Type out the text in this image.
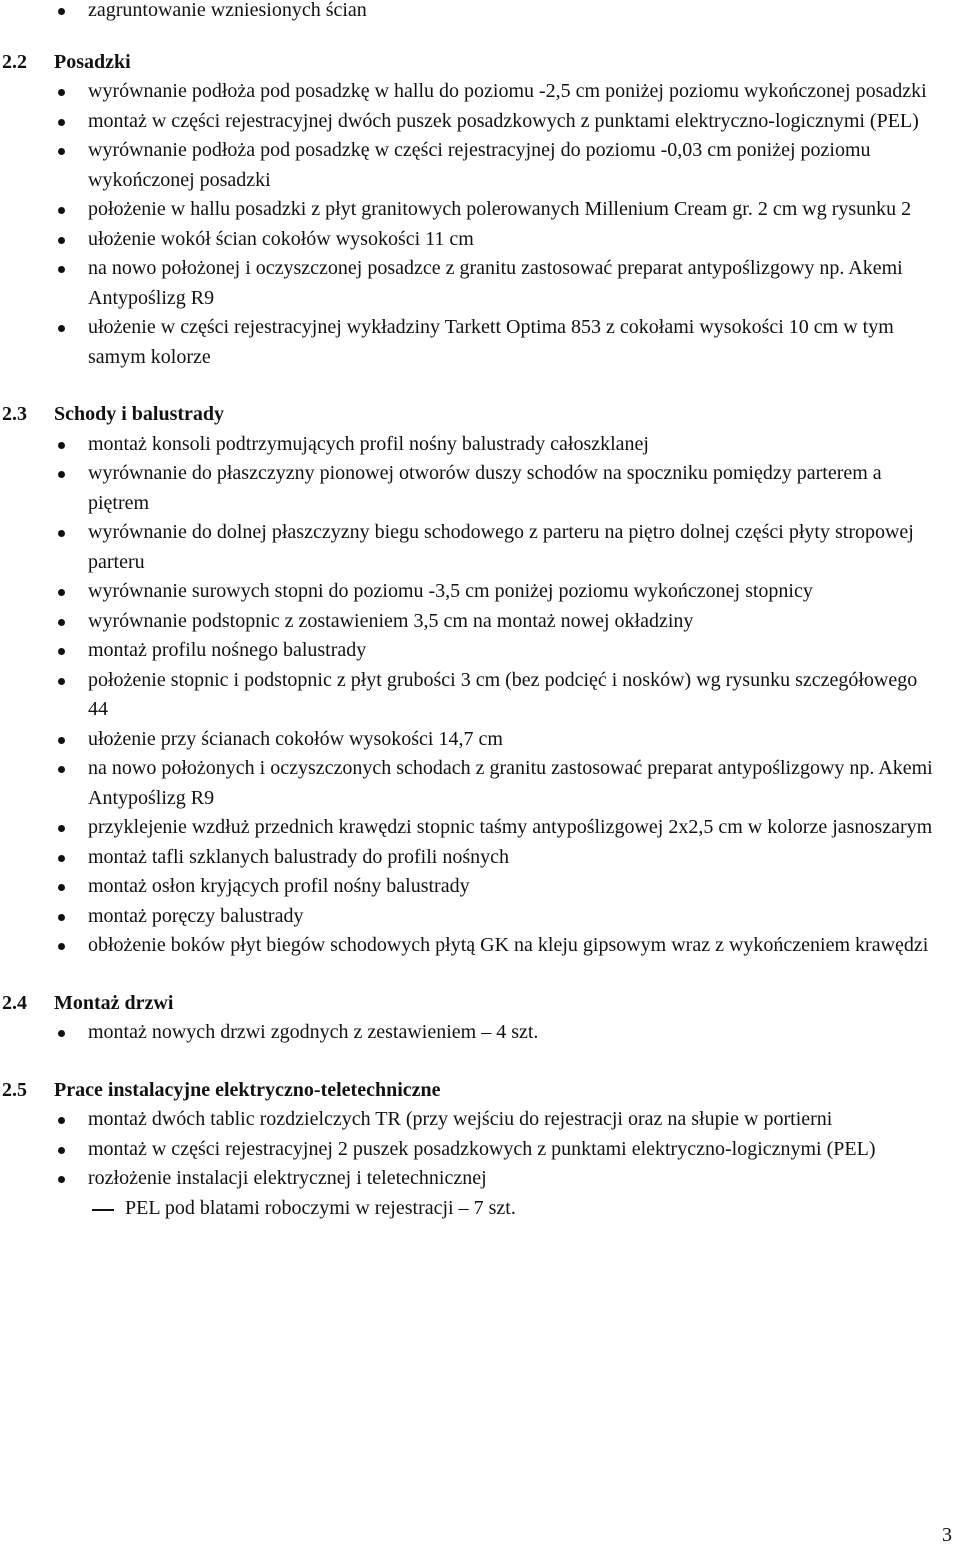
zagruntowanie wzniesionych ścian
2.2	Posadzki
wyrównanie podłoża pod posadzkę w hallu do poziomu -2,5 cm poniżej poziomu wykończonej posadzki
montaż w części rejestracyjnej dwóch puszek posadzkowych z punktami elektryczno-logicznymi (PEL)
wyrównanie podłoża pod posadzkę w części rejestracyjnej do poziomu -0,03 cm poniżej poziomu wykończonej posadzki
położenie w hallu posadzki z płyt granitowych polerowanych Millenium Cream gr. 2 cm wg rysunku 2
ułożenie wokół ścian cokołów wysokości 11 cm
na nowo położonej i oczyszczonej posadzce z granitu zastosować preparat antypoślizgowy np. Akemi Antypoślizg R9
ułożenie w części rejestracyjnej wykładziny Tarkett Optima 853 z cokołami wysokości 10 cm w tym samym kolorze
2.3	Schody i balustrady
montaż konsoli podtrzymujących profil nośny balustrady całoszklanej
wyrównanie do płaszczyzny pionowej otworów duszy schodów na spoczniku pomiędzy parterem a piętrem
wyrównanie do dolnej płaszczyzny biegu schodowego z parteru na piętro dolnej części płyty stropowej parteru
wyrównanie surowych stopni do poziomu -3,5 cm poniżej poziomu wykończonej stopnicy
wyrównanie podstopnic z zostawieniem 3,5 cm na montaż nowej okładziny
montaż profilu nośnego balustrady
położenie stopnic i podstopnic z płyt grubości 3 cm (bez podcięć i nosków) wg rysunku szczegółowego 44
ułożenie przy ścianach cokołów wysokości 14,7 cm
na nowo położonych i oczyszczonych schodach z granitu zastosować preparat antypoślizgowy np. Akemi Antypoślizg R9
przyklejenie wzdłuż przednich krawędzi stopnic taśmy antypoślizgowej 2x2,5 cm w kolorze jasnoszarym
montaż tafli szklanych balustrady do profili nośnych
montaż osłon kryjących profil nośny balustrady
montaż poręczy balustrady
obłożenie boków płyt biegów schodowych płytą GK na kleju gipsowym wraz z wykończeniem krawędzi
2.4	Montaż drzwi
montaż nowych drzwi zgodnych z zestawieniem – 4 szt.
2.5	Prace instalacyjne elektryczno-teletechniczne
montaż dwóch tablic rozdzielczych TR (przy wejściu do rejestracji oraz na słupie w portierni
montaż w części rejestracyjnej 2 puszek posadzkowych z punktami elektryczno-logicznymi (PEL)
rozłożenie instalacji elektrycznej i teletechnicznej
PEL pod blatami roboczymi w rejestracji – 7 szt.
3
